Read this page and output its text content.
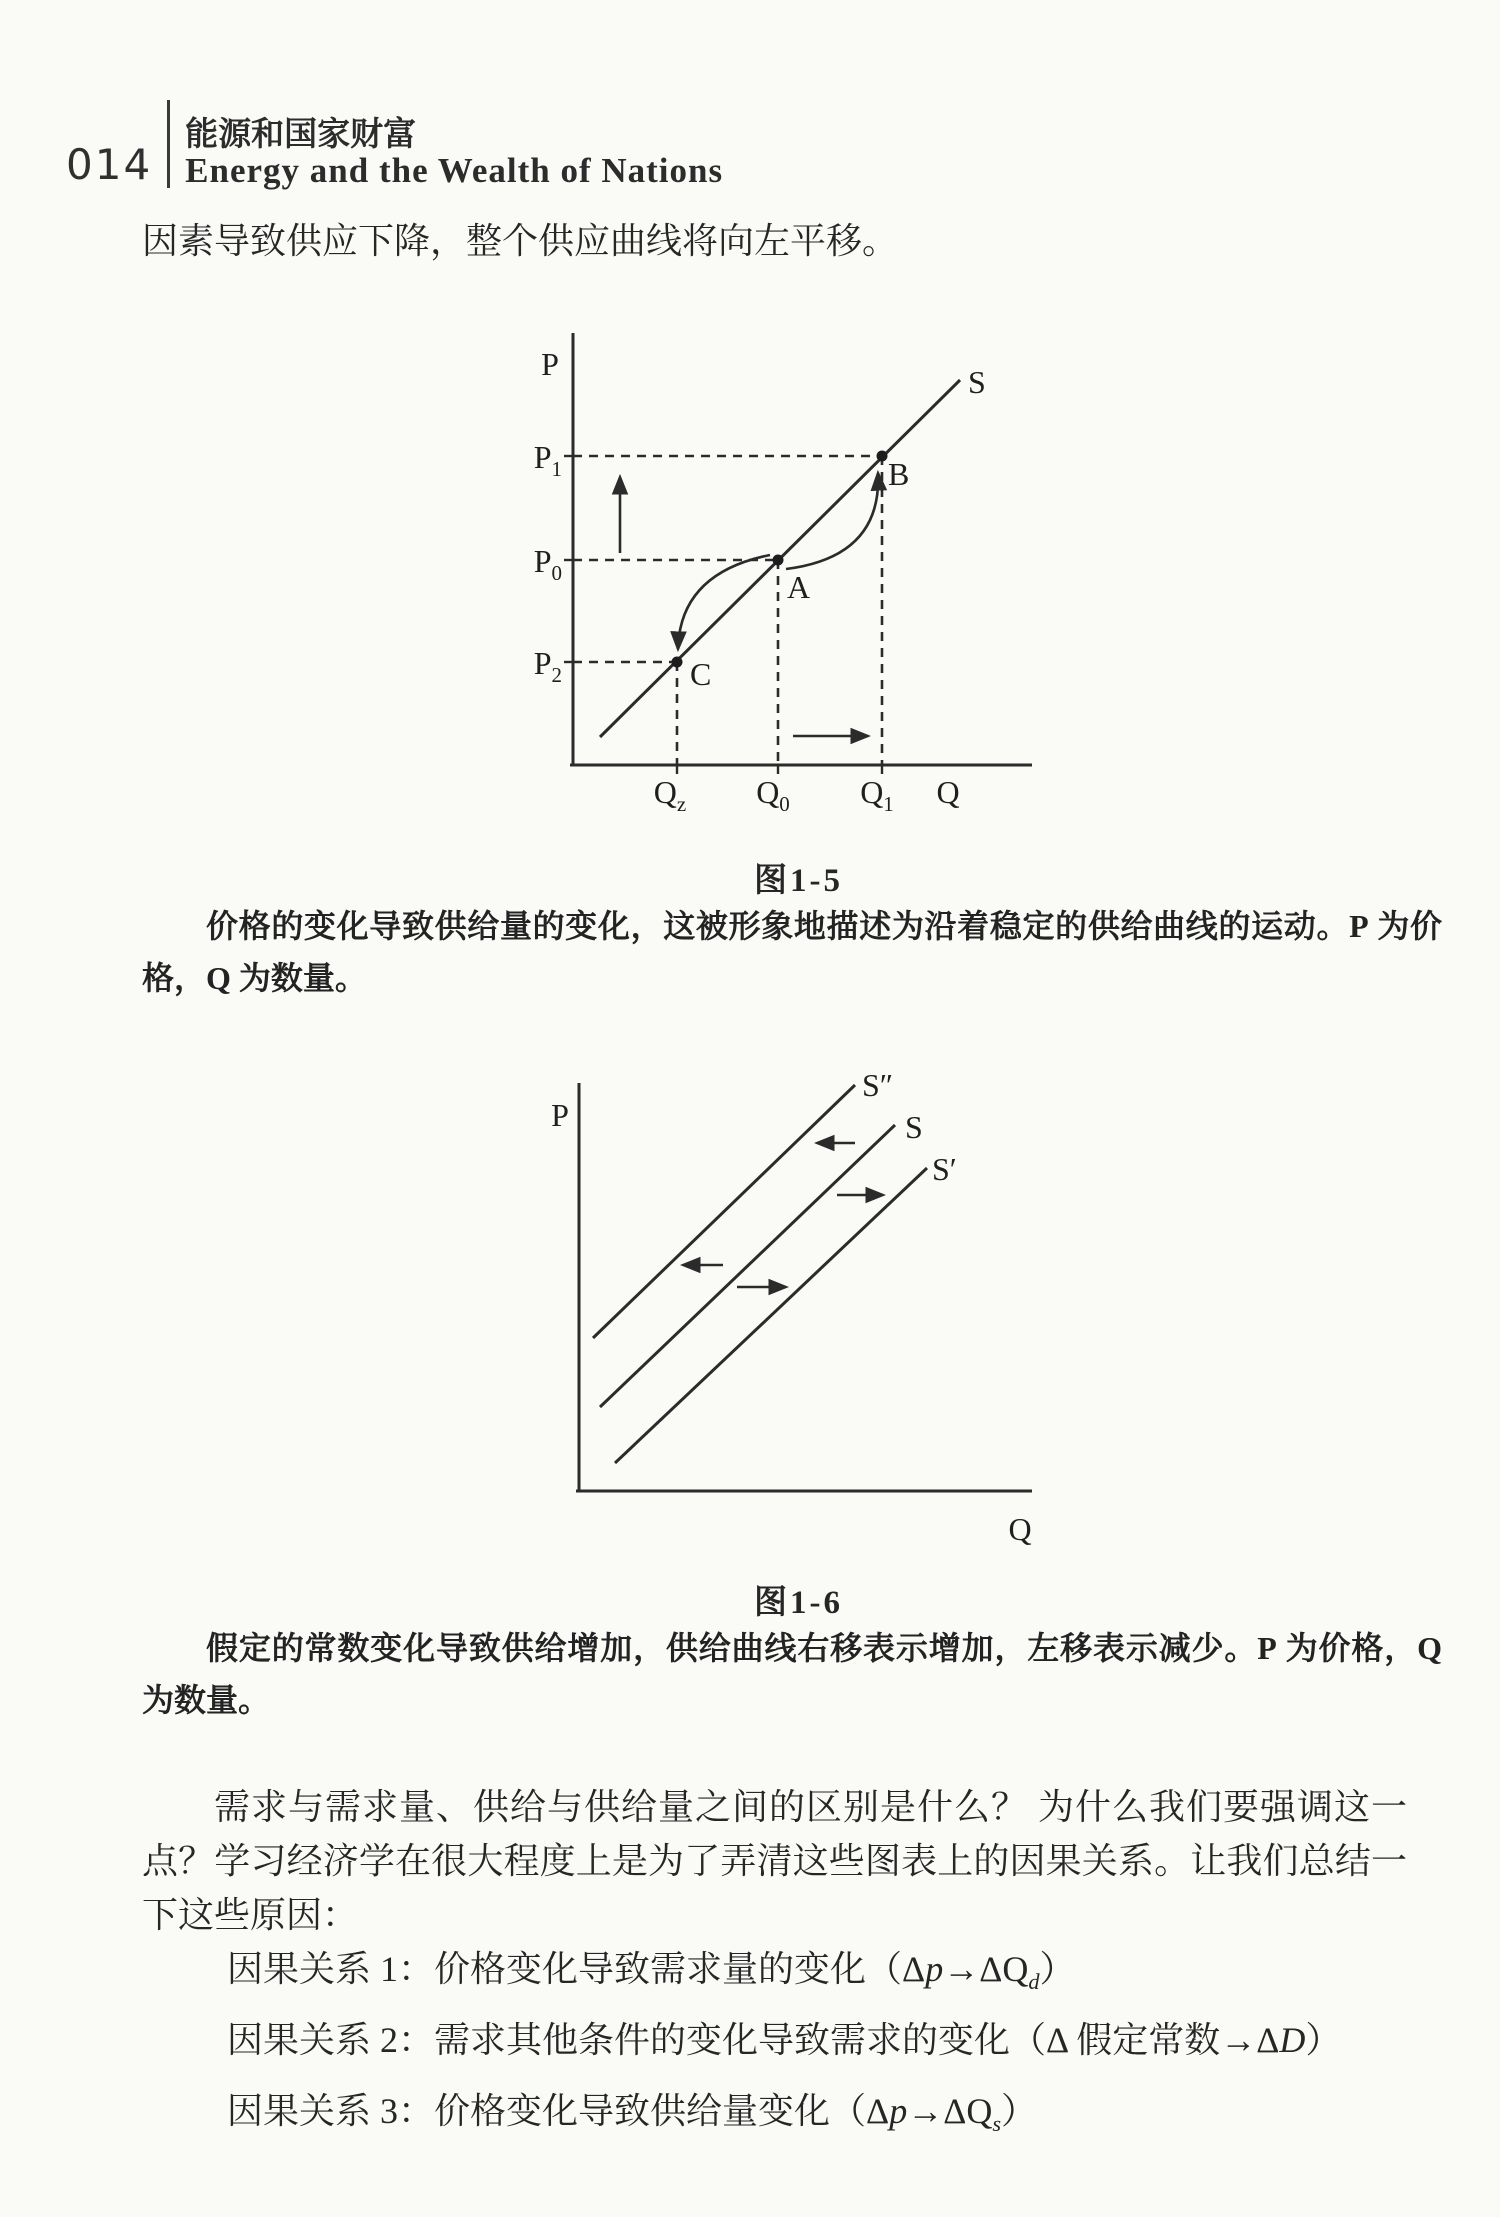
014
能源和国家财富
Energy and the Wealth of Nations

因素导致供应下降，整个供应曲线将向左平移。

P	S
$P_1$
$P_0$
$P_2$
A
B
C
$Q_z$ $Q_0$ $Q_1$ Q
图1-5

价格的变化导致供给量的变化，这被形象地描述为沿着稳定的供给曲线的运动。P 为价格，Q 为数量。

P
S″
S
S′
Q
图1-6

假定的常数变化导致供给增加，供给曲线右移表示增加，左移表示减少。P 为价格，Q 为数量。

需求与需求量、供给与供给量之间的区别是什么？ 为什么我们要强调这一点？学习经济学在很大程度上是为了弄清这些图表上的因果关系。让我们总结一下这些原因：

因果关系 1：价格变化导致需求量的变化$(\Delta p\to\Delta Q_d)$
因果关系 2：需求其他条件的变化导致需求的变化（Δ 假定常数→ΔD）
因果关系 3：价格变化导致供给量变化$(\Delta p\to\Delta Q_s)$
